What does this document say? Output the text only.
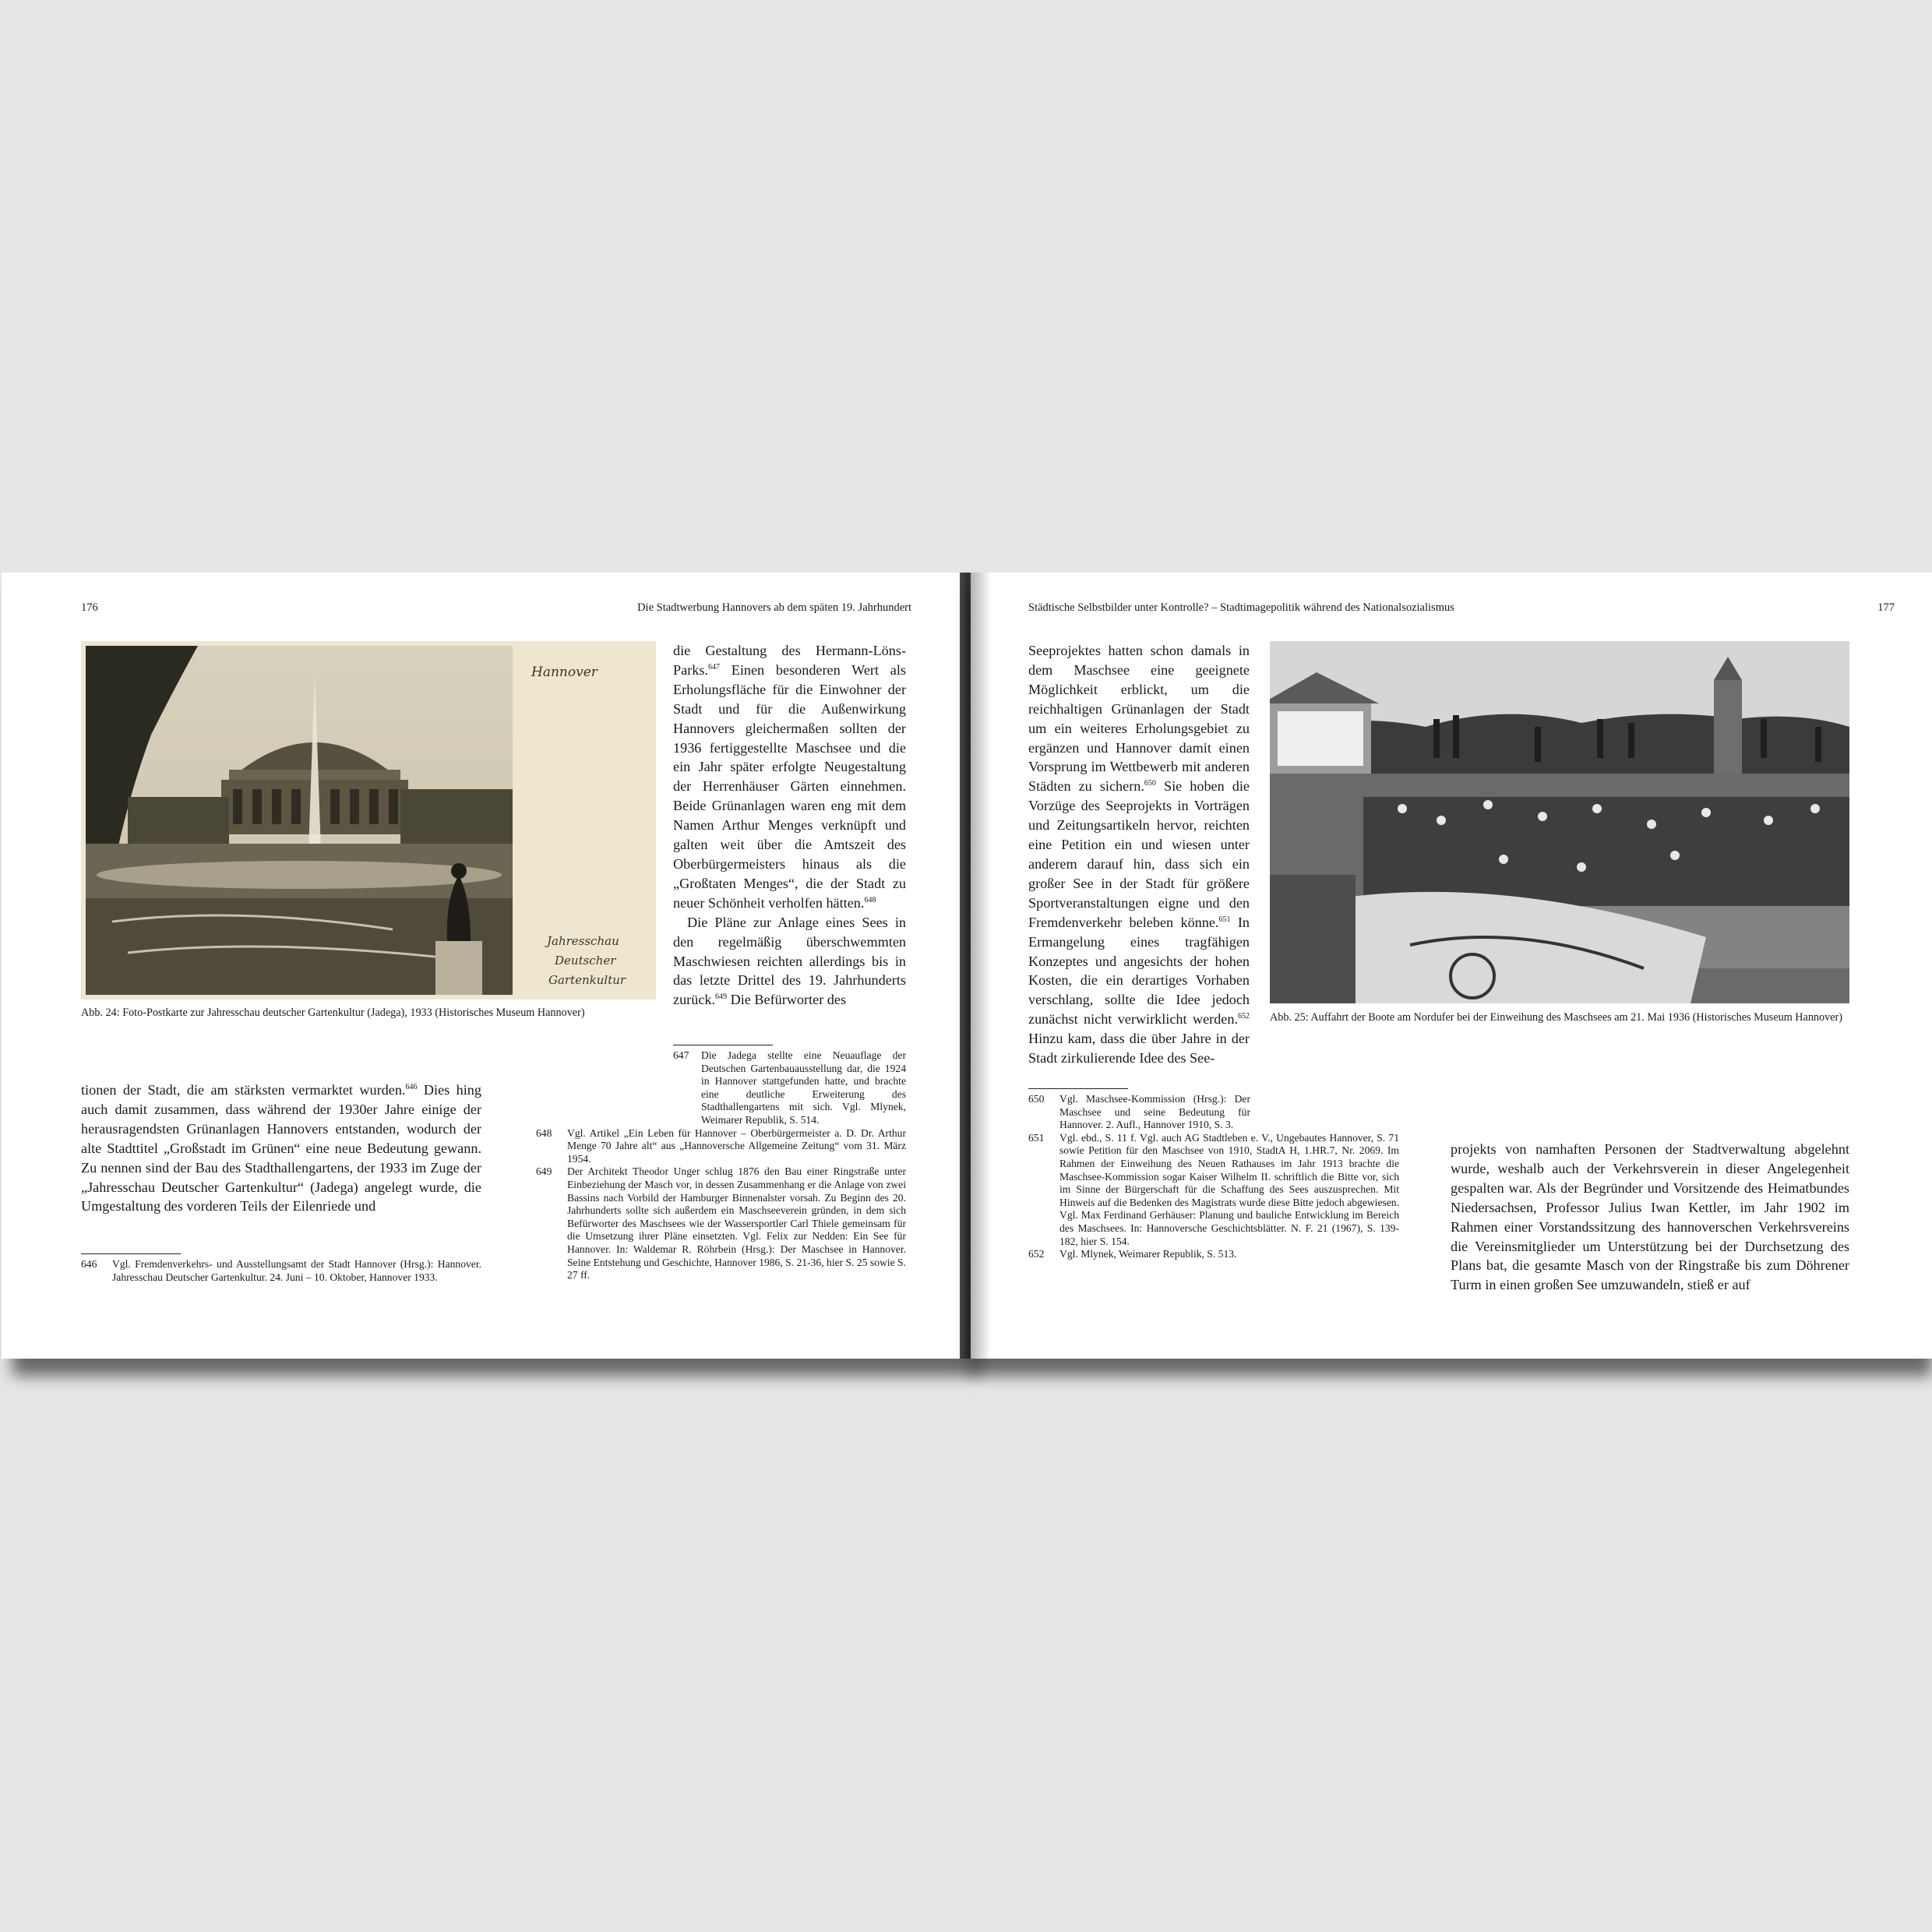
176	Die Stadtwerbung Hannovers ab dem späten 19. Jahrhundert
Hannover
Jahresschau
Deutscher
Gartenkultur
Abb. 24: Foto-Postkarte zur Jahresschau deutscher Gartenkultur (Jadega), 1933 (Historisches Museum Hannover)

die Gestaltung des Hermann-Löns-Parks.$^{647}$ Einen besonderen Wert als Erholungsfläche für die Einwohner der Stadt und für die Außenwirkung Hannovers gleichermaßen sollten der 1936 fertiggestellte Maschsee und die ein Jahr später erfolgte Neugestaltung der Herrenhäuser Gärten einnehmen. Beide Grünanlagen waren eng mit dem Namen Arthur Menges verknüpft und galten weit über die Amtszeit des Oberbürgermeisters hinaus als die „Großtaten Menges“, die der Stadt zu neuer Schönheit verholfen hätten.$^{648}$

Die Pläne zur Anlage eines Sees in den regelmäßig überschwemmten Maschwiesen reichten allerdings bis in das letzte Drittel des 19. Jahrhunderts zurück.$^{649}$ Die Befürworter des

tionen der Stadt, die am stärksten vermarktet wurden.$^{646}$ Dies hing auch damit zusammen, dass während der 1930er Jahre einige der herausragendsten Grünanlagen Hannovers entstanden, wodurch der alte Stadttitel „Großstadt im Grünen“ eine neue Bedeutung gewann. Zu nennen sind der Bau des Stadthallengartens, der 1933 im Zuge der „Jahresschau Deutscher Gartenkultur“ (Jadega) angelegt wurde, die Umgestaltung des vorderen Teils der Eilenriede und

646	Vgl. Fremdenverkehrs- und Ausstellungsamt der Stadt Hannover (Hrsg.): Hannover. Jahresschau Deutscher Gartenkultur. 24. Juni – 10. Oktober, Hannover 1933.
647	Die Jadega stellte eine Neuauflage der Deutschen Gartenbauausstellung dar, die 1924 in Hannover stattgefunden hatte, und brachte eine deutliche Erweiterung des Stadthallengartens mit sich. Vgl. Mlynek, Weimarer Republik, S. 514.
648	Vgl. Artikel „Ein Leben für Hannover – Oberbürgermeister a. D. Dr. Arthur Menge 70 Jahre alt“ aus „Hannoversche Allgemeine Zeitung“ vom 31. März 1954.
649	Der Architekt Theodor Unger schlug 1876 den Bau einer Ringstraße unter Einbeziehung der Masch vor, in dessen Zusammenhang er die Anlage von zwei Bassins nach Vorbild der Hamburger Binnenalster vorsah. Zu Beginn des 20. Jahrhunderts sollte sich außerdem ein Maschseeverein gründen, in dem sich Befürworter des Maschsees wie der Wassersportler Carl Thiele gemeinsam für die Umsetzung ihrer Pläne einsetzten. Vgl. Felix zur Nedden: Ein See für Hannover. In: Waldemar R. Röhrbein (Hrsg.): Der Maschsee in Hannover. Seine Entstehung und Geschichte, Hannover 1986, S. 21-36, hier S. 25 sowie S. 27 ff.
Städtische Selbstbilder unter Kontrolle? – Stadtimagepolitik während des Nationalsozialismus	177

Seeprojektes hatten schon damals in dem Maschsee eine geeignete Möglichkeit erblickt, um die reichhaltigen Grünanlagen der Stadt um ein weiteres Erholungsgebiet zu ergänzen und Hannover damit einen Vorsprung im Wettbewerb mit anderen Städten zu sichern.$^{650}$ Sie hoben die Vorzüge des Seeprojekts in Vorträgen und Zeitungsartikeln hervor, reichten eine Petition ein und wiesen unter anderem darauf hin, dass sich ein großer See in der Stadt für größere Sportveranstaltungen eigne und den Fremdenverkehr beleben könne.$^{651}$ In Ermangelung eines tragfähigen Konzeptes und angesichts der hohen Kosten, die ein derartiges Vorhaben verschlang, sollte die Idee jedoch zunächst nicht verwirklicht werden.$^{652}$ Hinzu kam, dass die über Jahre in der Stadt zirkulierende Idee des See-

Abb. 25: Auffahrt der Boote am Nordufer bei der Einweihung des Maschsees am 21. Mai 1936 (Historisches Museum Hannover)
650	Vgl. Maschsee-Kommission (Hrsg.): Der Maschsee und seine Bedeutung für Hannover. 2. Aufl., Hannover 1910, S. 3.
651	Vgl. ebd., S. 11 f. Vgl. auch AG Stadtleben e. V., Ungebautes Hannover, S. 71 sowie Petition für den Maschsee von 1910, StadtA H, 1.HR.7, Nr. 2069. Im Rahmen der Einweihung des Neuen Rathauses im Jahr 1913 brachte die Maschsee-Kommission sogar Kaiser Wilhelm II. schriftlich die Bitte vor, sich im Sinne der Bürgerschaft für die Schaffung des Sees auszusprechen. Mit Hinweis auf die Bedenken des Magistrats wurde diese Bitte jedoch abgewiesen. Vgl. Max Ferdinand Gerhäuser: Planung und bauliche Entwicklung im Bereich des Maschsees. In: Hannoversche Geschichtsblätter. N. F. 21 (1967), S. 139-182, hier S. 154.
652	Vgl. Mlynek, Weimarer Republik, S. 513.

projekts von namhaften Personen der Stadtverwaltung abgelehnt wurde, weshalb auch der Verkehrsverein in dieser Angelegenheit gespalten war. Als der Begründer und Vorsitzende des Heimatbundes Niedersachsen, Professor Julius Iwan Kettler, im Jahr 1902 im Rahmen einer Vorstandssitzung des hannoverschen Verkehrsvereins die Vereinsmitglieder um Unterstützung bei der Durchsetzung des Plans bat, die gesamte Masch von der Ringstraße bis zum Döhrener Turm in einen großen See umzuwandeln, stieß er auf
